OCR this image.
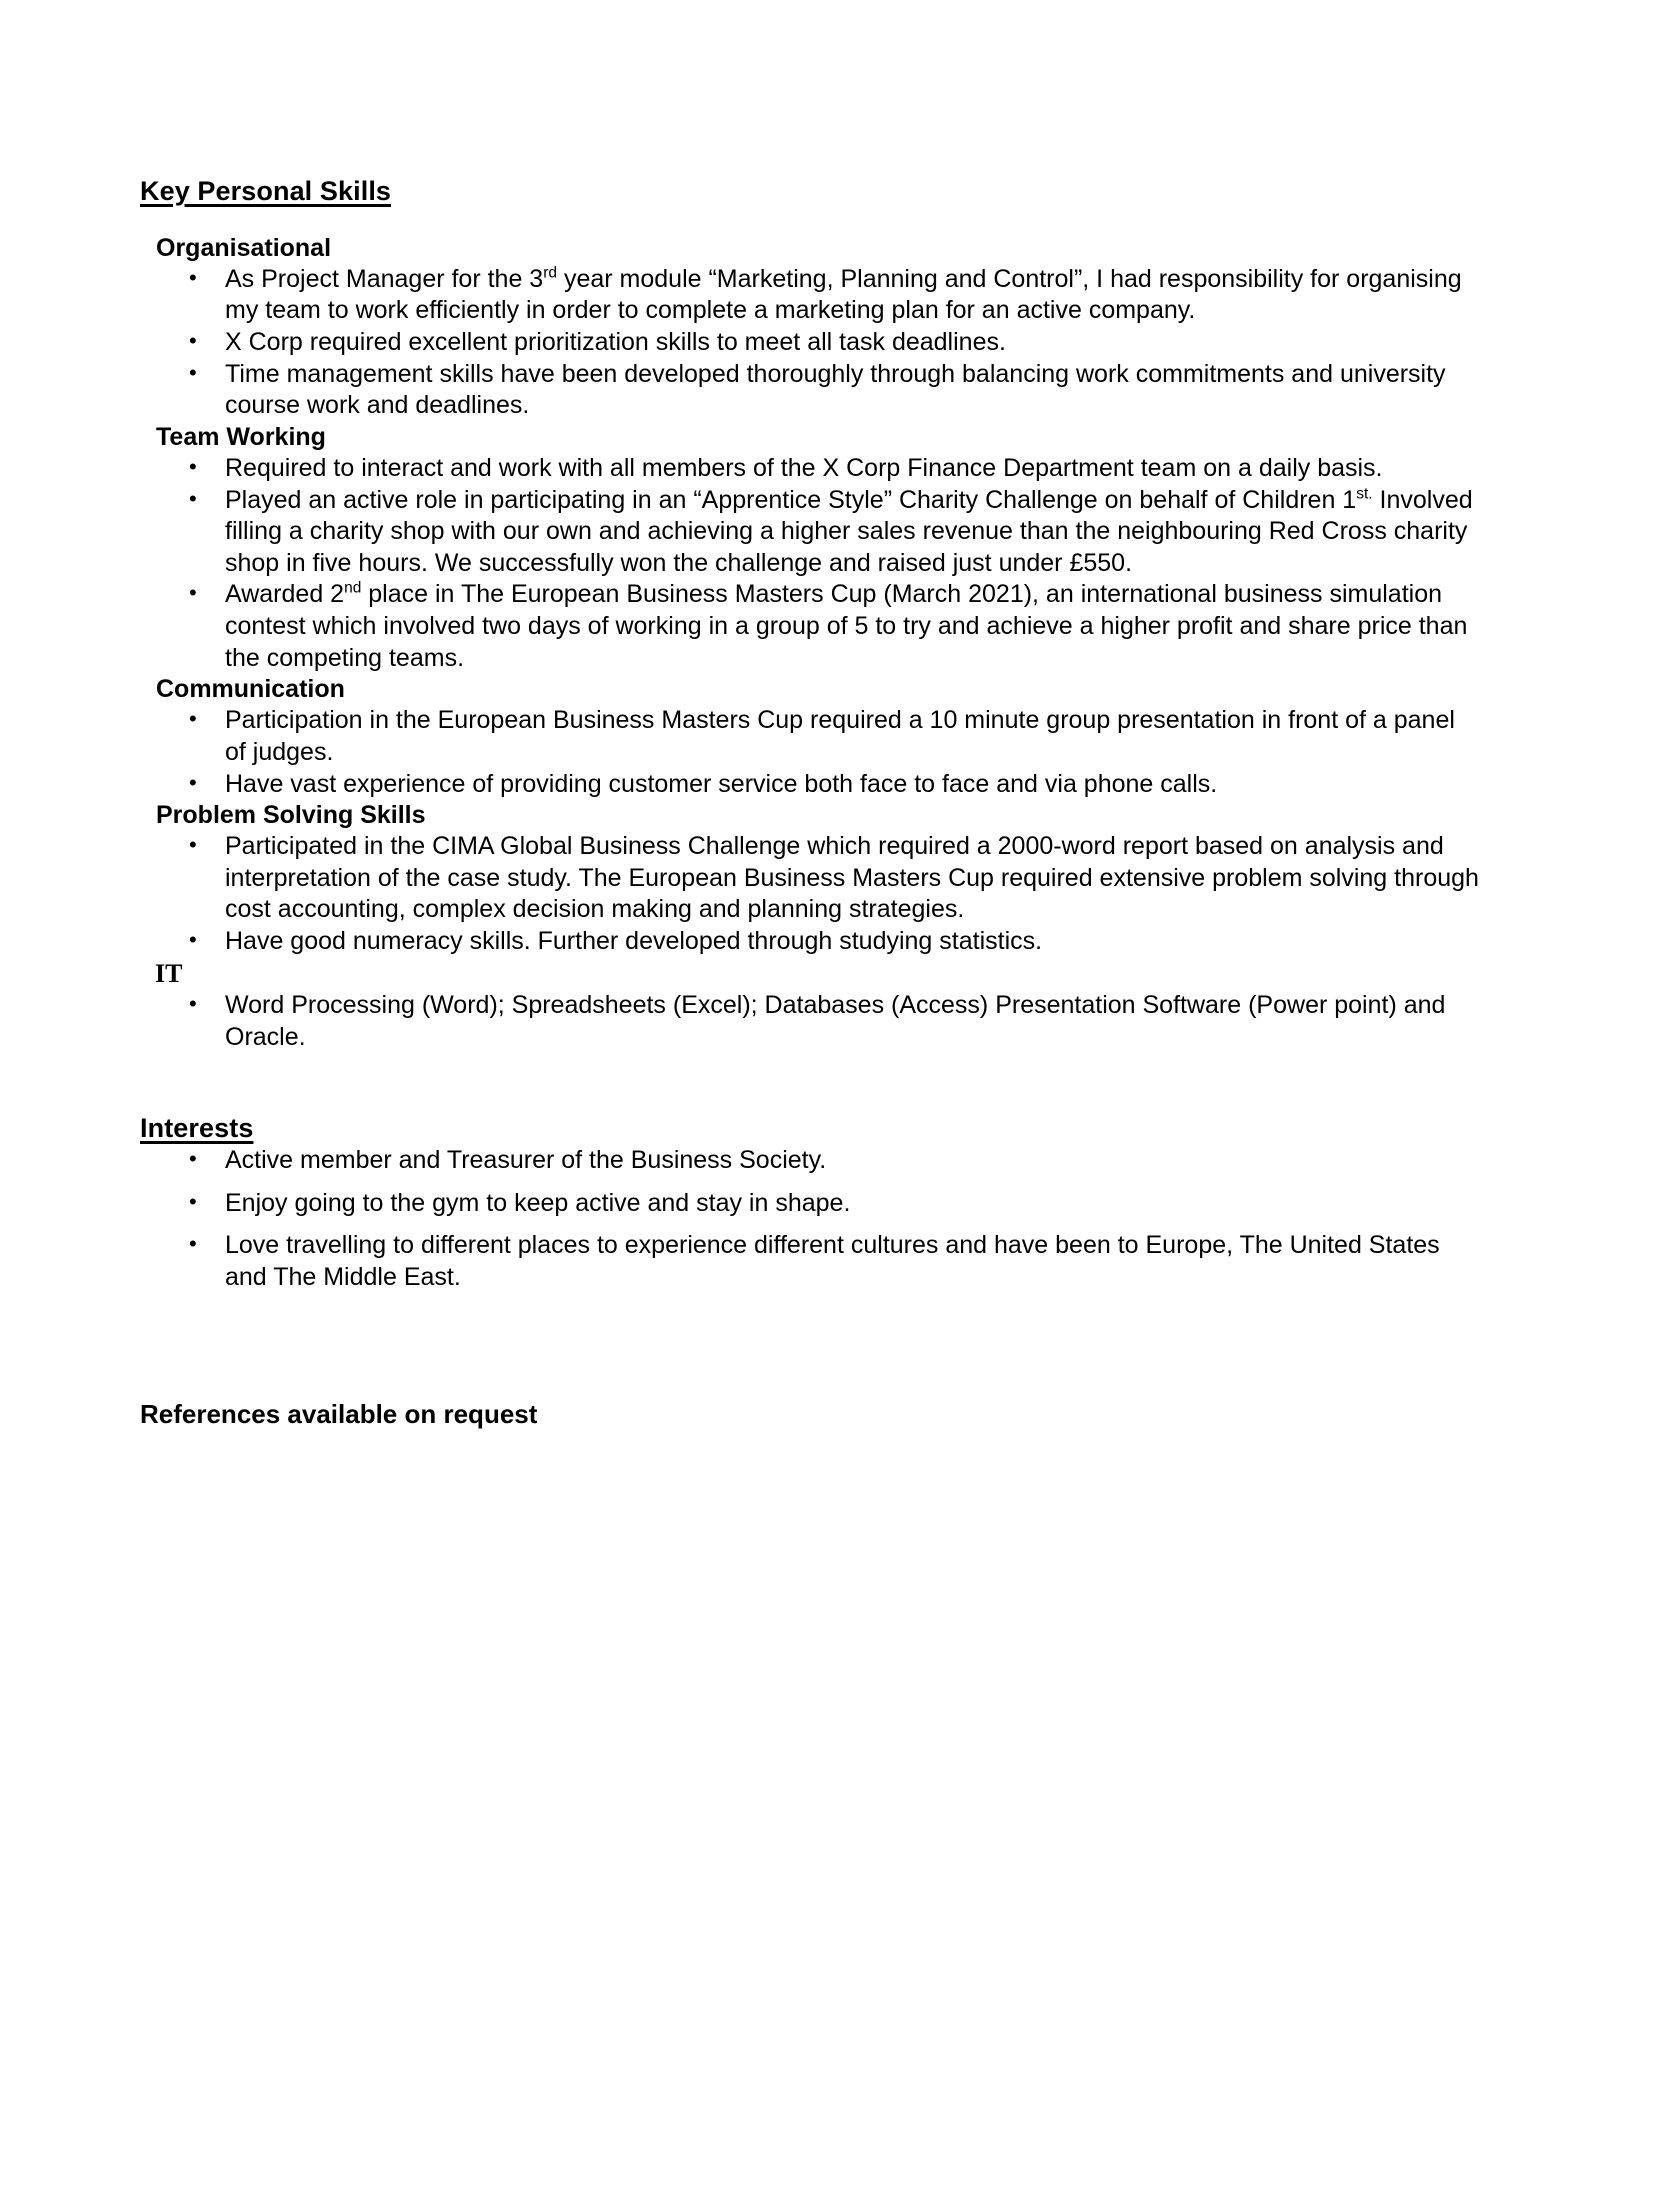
Key Personal Skills
Organisational
• As Project Manager for the 3rd year module “Marketing, Planning and Control”, I had responsibility for organising my team to work efficiently in order to complete a marketing plan for an active company.
• X Corp required excellent prioritization skills to meet all task deadlines.
• Time management skills have been developed thoroughly through balancing work commitments and university course work and deadlines.
Team Working
• Required to interact and work with all members of the X Corp Finance Department team on a daily basis.
• Played an active role in participating in an “Apprentice Style” Charity Challenge on behalf of Children $1^{st.}$ Involved filling a charity shop with our own and achieving a higher sales revenue than the neighbouring Red Cross charity shop in five hours. We successfully won the challenge and raised just under £550.
• Awarded 2nd place in The European Business Masters Cup (March 2021), an international business simulation contest which involved two days of working in a group of 5 to try and achieve a higher profit and share price than the competing teams.
Communication
• Participation in the European Business Masters Cup required a 10 minute group presentation in front of a panel of judges.
• Have vast experience of providing customer service both face to face and via phone calls.
Problem Solving Skills
• Participated in the CIMA Global Business Challenge which required a 2000-word report based on analysis and interpretation of the case study. The European Business Masters Cup required extensive problem solving through cost accounting, complex decision making and planning strategies.
• Have good numeracy skills. Further developed through studying statistics.
IT
• Word Processing (Word); Spreadsheets (Excel); Databases (Access) Presentation Software (Power point) and Oracle.
Interests
• Active member and Treasurer of the Business Society.
• Enjoy going to the gym to keep active and stay in shape.
• Love travelling to different places to experience different cultures and have been to Europe, The United States and The Middle East.
References available on request
